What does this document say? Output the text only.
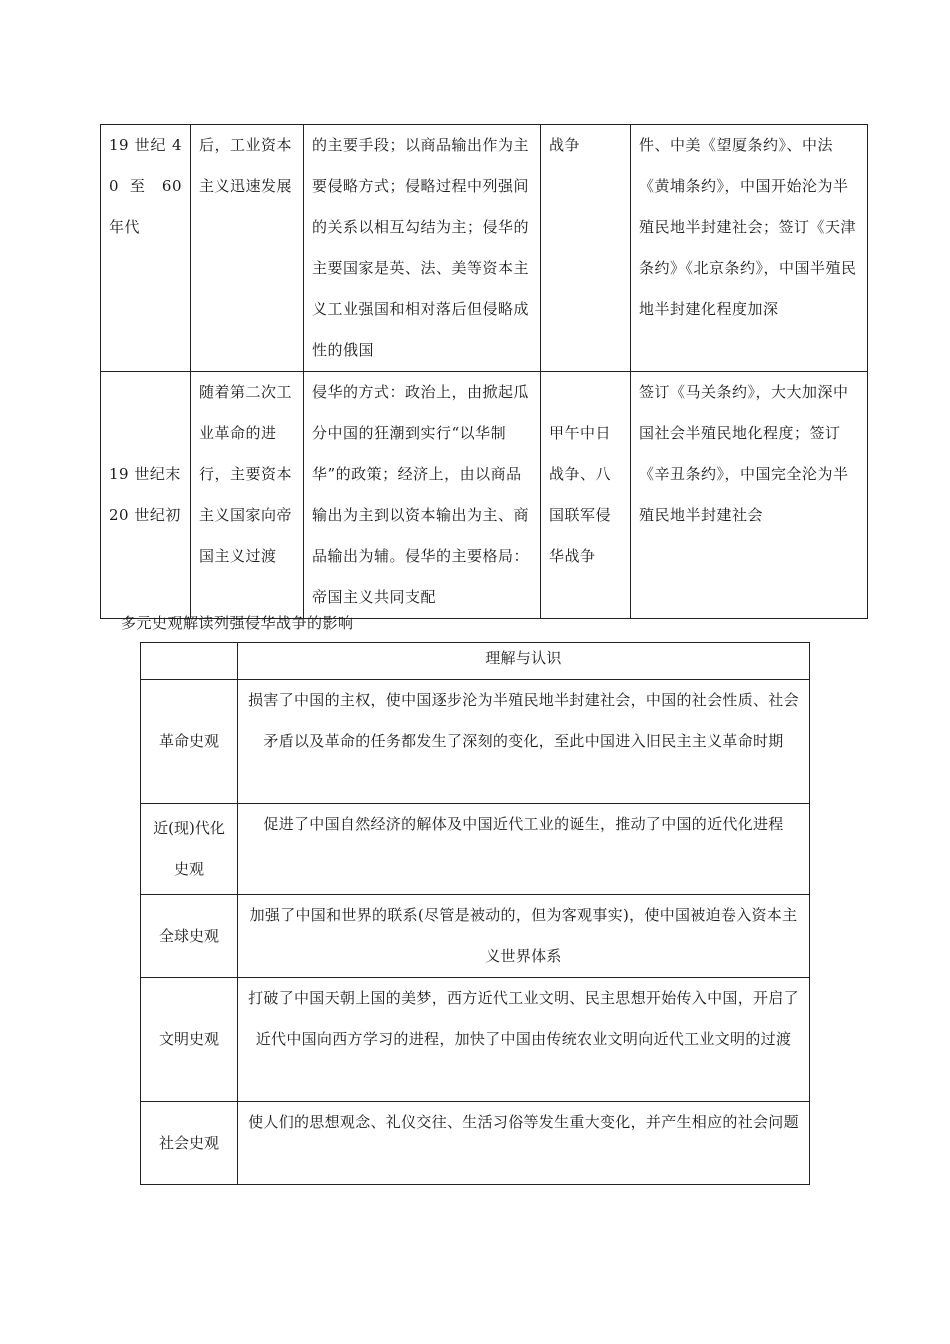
19 世纪 40 至 60 年代	后，工业资本主义迅速发展	的主要手段；以商品输出作为主要侵略方式；侵略过程中列强间的关系以相互勾结为主；侵华的主要国家是英、法、美等资本主义工业强国和相对落后但侵略成性的俄国	战争	件、中美《望厦条约》、中法《黄埔条约》，中国开始沦为半殖民地半封建社会；签订《天津条约》《北京条约》，中国半殖民地半封建化程度加深

19 世纪末 20 世纪初	随着第二次工业革命的进行，主要资本主义国家向帝国主义过渡	侵华的方式：政治上，由掀起瓜分中国的狂潮到实行“以华制华”的政策；经济上，由以商品输出为主到以资本输出为主、商品输出为辅。侵华的主要格局：帝国主义共同支配	甲午中日战争、八国联军侵华战争	签订《马关条约》，大大加深中国社会半殖民地化程度；签订《辛丑条约》，中国完全沦为半殖民地半封建社会
多元史观解读列强侵华战争的影响
	理解与认识
革命史观	损害了中国的主权，使中国逐步沦为半殖民地半封建社会，中国的社会性质、社会矛盾以及革命的任务都发生了深刻的变化，至此中国进入旧民主主义革命时期
近(现)代化史观	促进了中国自然经济的解体及中国近代工业的诞生，推动了中国的近代化进程
全球史观	加强了中国和世界的联系(尽管是被动的，但为客观事实)，使中国被迫卷入资本主义世界体系
文明史观	打破了中国天朝上国的美梦，西方近代工业文明、民主思想开始传入中国，开启了近代中国向西方学习的进程，加快了中国由传统农业文明向近代工业文明的过渡
社会史观	使人们的思想观念、礼仪交往、生活习俗等发生重大变化，并产生相应的社会问题
